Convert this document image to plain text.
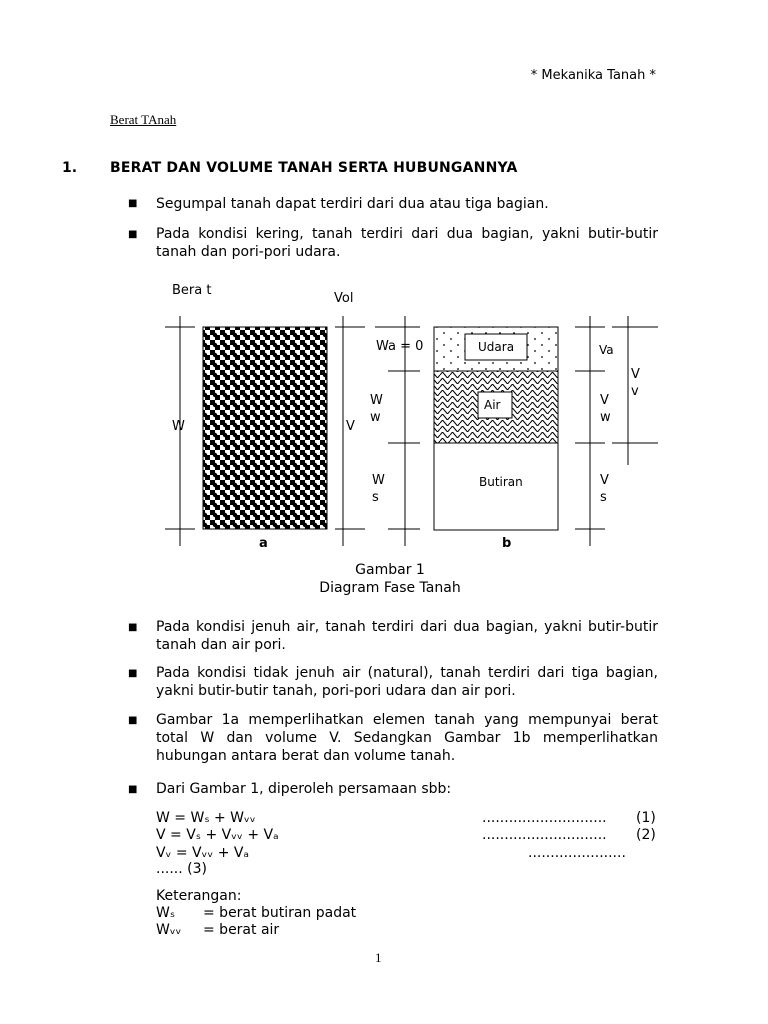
* Mekanika Tanah *
Berat TAnah
1. BERAT DAN VOLUME TANAH SERTA HUBUNGANNYA
■ Segumpal tanah dapat terdiri dari dua atau tiga bagian.
■ Pada kondisi kering, tanah terdiri dari dua bagian, yakni butir-butir tanah dan pori-pori udara.
Bera t
Vol
W	V
Wa = 0
W w
W s
Va
V w
V s
V v
Udara
Air
Butiran
a	b
Gambar 1
Diagram Fase Tanah
■ Pada kondisi jenuh air, tanah terdiri dari dua bagian, yakni butir-butir tanah dan air pori.
■ Pada kondisi tidak jenuh air (natural), tanah terdiri dari tiga bagian, yakni butir-butir tanah, pori-pori udara dan air pori.
■ Gambar 1a memperlihatkan elemen tanah yang mempunyai berat total W dan volume V. Sedangkan Gambar 1b memperlihatkan hubungan antara berat dan volume tanah.
■ Dari Gambar 1, diperoleh persamaan sbb:
W = Wₛ + Wᵥᵥ	............................ (1)
V = Vₛ + Vᵥᵥ + Vₐ	............................ (2)
Vᵥ = Vᵥᵥ + Vₐ	......................
...... (3)
Keterangan:
Wₛ = berat butiran padat
Wᵥᵥ = berat air
1
